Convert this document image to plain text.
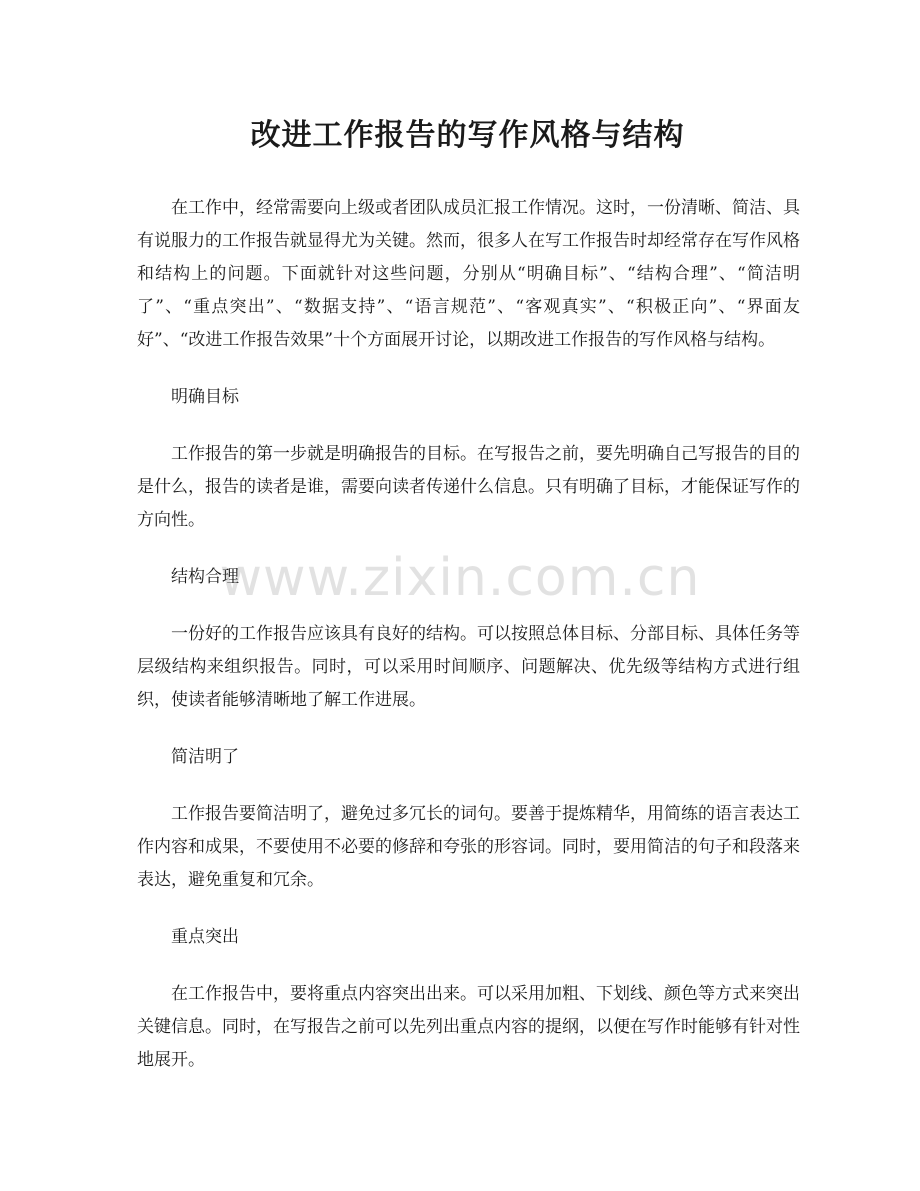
改进工作报告的写作风格与结构

在工作中，经常需要向上级或者团队成员汇报工作情况。这时，一份清晰、简洁、具有说服力的工作报告就显得尤为关键。然而，很多人在写工作报告时却经常存在写作风格和结构上的问题。下面就针对这些问题，分别从“明确目标”、“结构合理”、“简洁明了”、“重点突出”、“数据支持”、“语言规范”、“客观真实”、“积极正向”、“界面友好”、“改进工作报告效果”十个方面展开讨论，以期改进工作报告的写作风格与结构。

明确目标

工作报告的第一步就是明确报告的目标。在写报告之前，要先明确自己写报告的目的是什么，报告的读者是谁，需要向读者传递什么信息。只有明确了目标，才能保证写作的方向性。

结构合理

一份好的工作报告应该具有良好的结构。可以按照总体目标、分部目标、具体任务等层级结构来组织报告。同时，可以采用时间顺序、问题解决、优先级等结构方式进行组织，使读者能够清晰地了解工作进展。

简洁明了

工作报告要简洁明了，避免过多冗长的词句。要善于提炼精华，用简练的语言表达工作内容和成果，不要使用不必要的修辞和夸张的形容词。同时，要用简洁的句子和段落来表达，避免重复和冗余。

重点突出

在工作报告中，要将重点内容突出出来。可以采用加粗、下划线、颜色等方式来突出关键信息。同时，在写报告之前可以先列出重点内容的提纲，以便在写作时能够有针对性地展开。

www.zixin.com.cn
